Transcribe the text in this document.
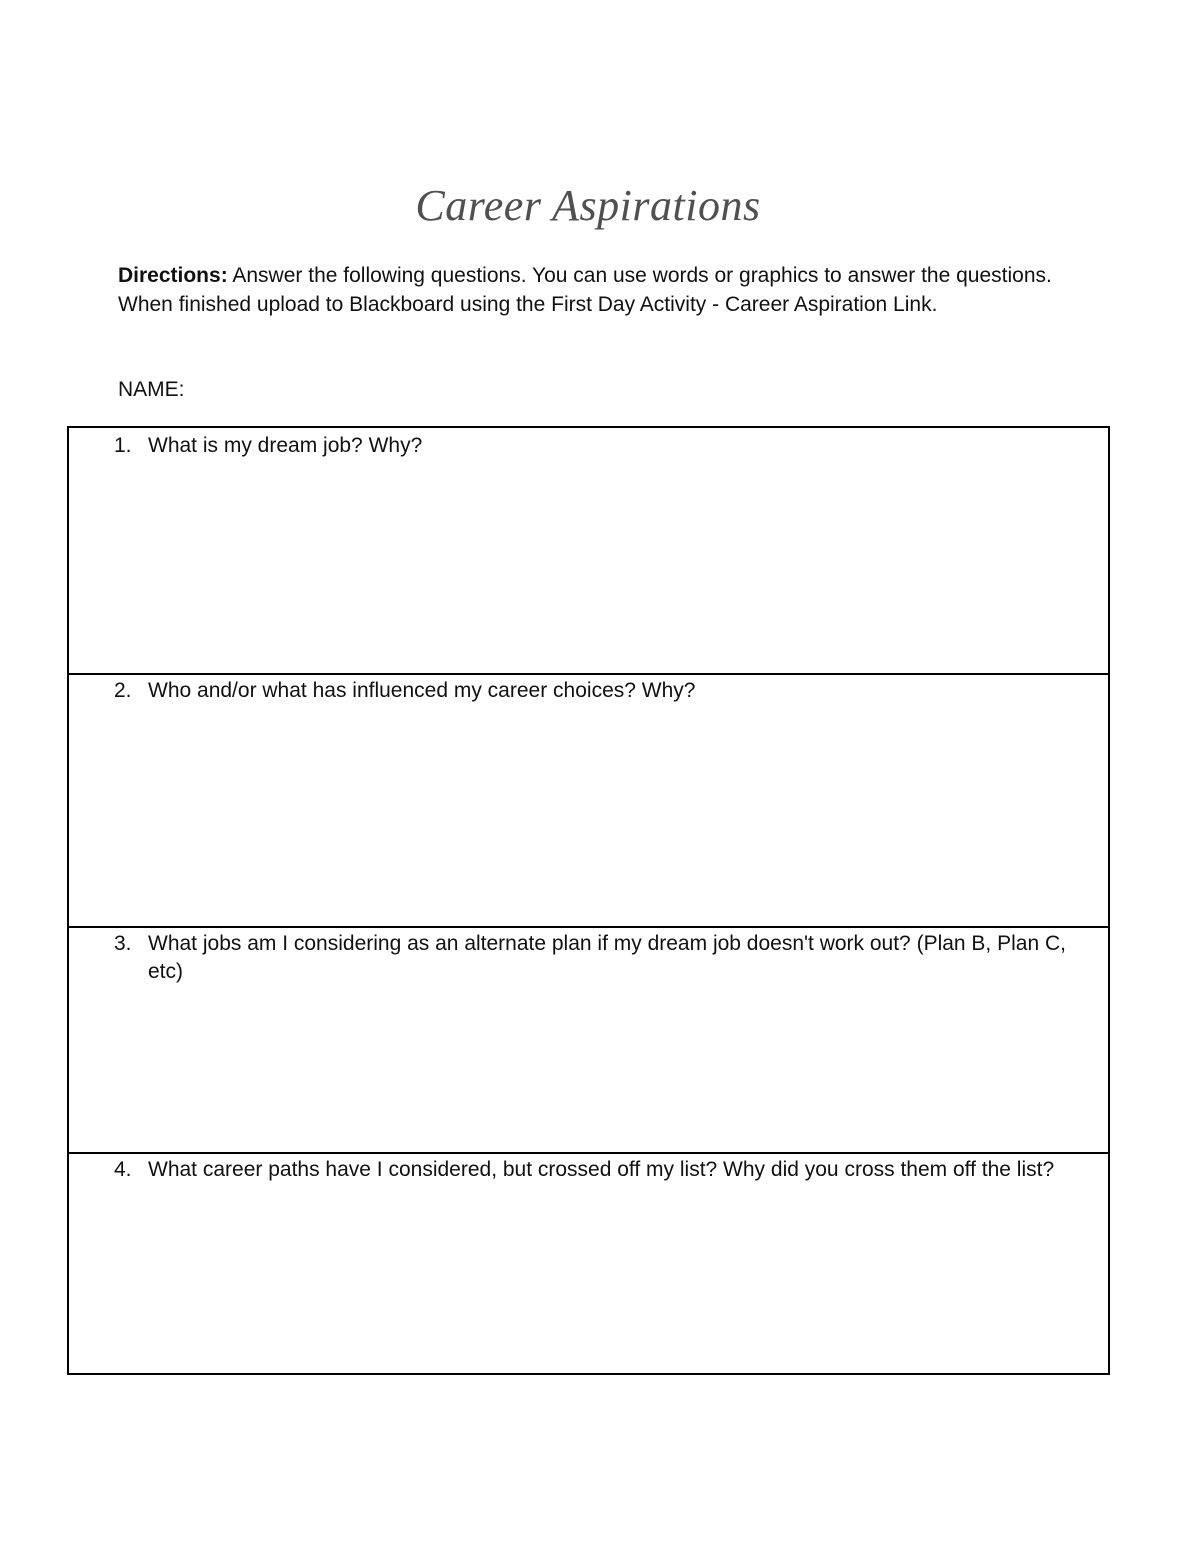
Career Aspirations
Directions: Answer the following questions. You can use words or graphics to answer the questions. When finished upload to Blackboard using the First Day Activity - Career Aspiration Link.
NAME:
1. What is my dream job? Why?
2. Who and/or what has influenced my career choices? Why?
3. What jobs am I considering as an alternate plan if my dream job doesn't work out? (Plan B, Plan C, etc)
4. What career paths have I considered, but crossed off my list? Why did you cross them off the list?
